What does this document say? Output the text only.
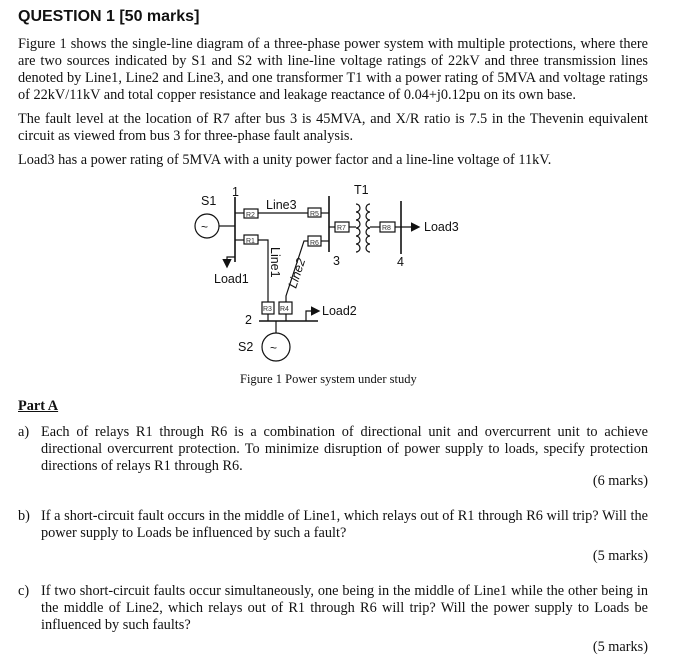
QUESTION 1 [50 marks]
Figure 1 shows the single-line diagram of a three-phase power system with multiple protections, where there are two sources indicated by S1 and S2 with line-line voltage ratings of 22kV and three transmission lines denoted by Line1, Line2 and Line3, and one transformer T1 with a power rating of 5MVA and voltage ratings of 22kV/11kV and total copper resistance and leakage reactance of 0.04+j0.12pu on its own base.
The fault level at the location of R7 after bus 3 is 45MVA, and X/R ratio is 7.5 in the Thevenin equivalent circuit as viewed from bus 3 for three-phase fault analysis.
Load3 has a power rating of 5MVA with a unity power factor and a line-line voltage of 11kV.
S1
~
1
Line3
Load1
T1
3	4
Load3
Load2
2
S2 ~
Line1 Line2
R2
R1
R5
R6
R7	R8
R3 R4
Figure 1 Power system under study
Part A
a) Each of relays R1 through R6 is a combination of directional unit and overcurrent unit to achieve directional overcurrent protection. To minimize disruption of power supply to loads, specify protection directions of relays R1 through R6.
(6 marks)
b) If a short-circuit fault occurs in the middle of Line1, which relays out of R1 through R6 will trip? Will the power supply to Loads be influenced by such a fault?
(5 marks)
c) If two short-circuit faults occur simultaneously, one being in the middle of Line1 while the other being in the middle of Line2, which relays out of R1 through R6 will trip? Will the power supply to Loads be influenced by such faults?
(5 marks)
